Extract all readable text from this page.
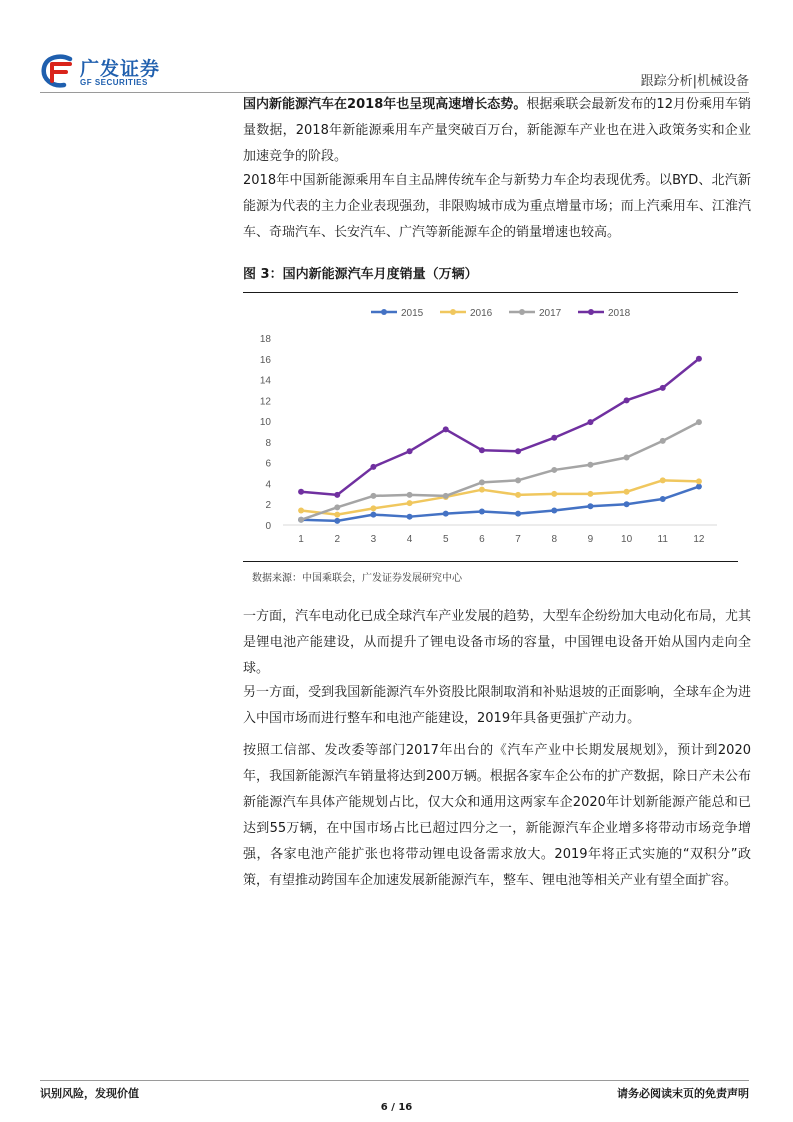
广发证券
GF SECURITIES	跟踪分析|机械设备

国内新能源汽车在2018年也呈现高速增长态势。根据乘联会最新发布的12月份乘用车销量数据，2018年新能源乘用车产量突破百万台，新能源车产业也在进入政策务实和企业加速竞争的阶段。

2018年中国新能源乘用车自主品牌传统车企与新势力车企均表现优秀。以BYD、北汽新能源为代表的主力企业表现强劲，非限购城市成为重点增量市场；而上汽乘用车、江淮汽车、奇瑞汽车、长安汽车、广汽等新能源车企的销量增速也较高。

图 3：国内新能源汽车月度销量（万辆）
2015	2016	2017	2018
0
2
4
6
8
10
12
14
16
18
1	2	3	4	5	6	7	8	9	10	11	12
数据来源：中国乘联会，广发证券发展研究中心

一方面，汽车电动化已成全球汽车产业发展的趋势，大型车企纷纷加大电动化布局，尤其是锂电池产能建设，从而提升了锂电设备市场的容量，中国锂电设备开始从国内走向全球。

另一方面，受到我国新能源汽车外资股比限制取消和补贴退坡的正面影响，全球车企为进入中国市场而进行整车和电池产能建设，2019年具备更强扩产动力。

按照工信部、发改委等部门2017年出台的《汽车产业中长期发展规划》，预计到2020年，我国新能源汽车销量将达到200万辆。根据各家车企公布的扩产数据，除日产未公布新能源汽车具体产能规划占比，仅大众和通用这两家车企2020年计划新能源产能总和已达到55万辆，在中国市场占比已超过四分之一，新能源汽车企业增多将带动市场竞争增强，各家电池产能扩张也将带动锂电设备需求放大。2019年将正式实施的“双积分”政策，有望推动跨国车企加速发展新能源汽车，整车、锂电池等相关产业有望全面扩容。

识别风险，发现价值	请务必阅读末页的免责声明
6 / 16
